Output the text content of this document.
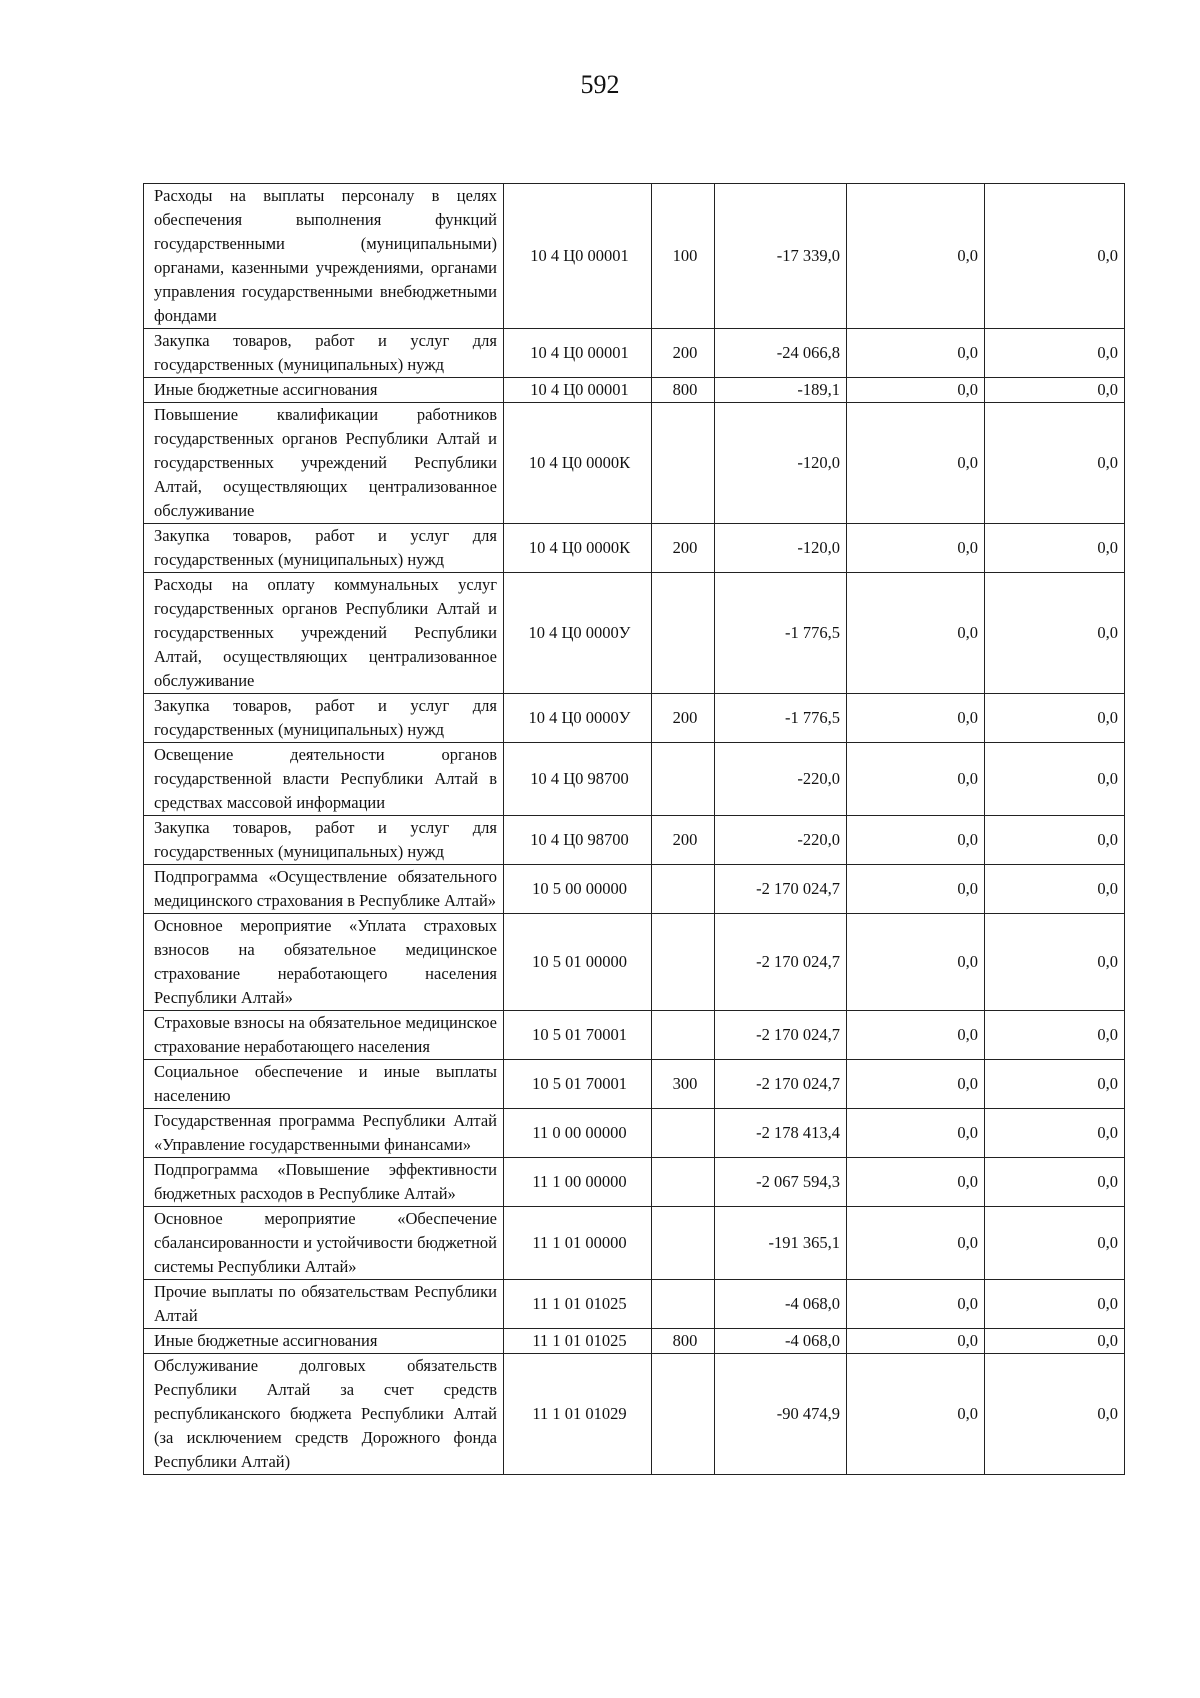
592
Расходы на выплаты персоналу в целях обеспечения выполнения функций государственными (муниципальными) органами, казенными учреждениями, органами управления государственными внебюджетными фондами	10 4 Ц0 00001	100	-17 339,0	0,0	0,0
Закупка товаров, работ и услуг для государственных (муниципальных) нужд	10 4 Ц0 00001	200	-24 066,8	0,0	0,0
Иные бюджетные ассигнования	10 4 Ц0 00001	800	-189,1	0,0	0,0
Повышение квалификации работников государственных органов Республики Алтай и государственных учреждений Республики Алтай, осуществляющих централизованное обслуживание	10 4 Ц0 0000К		-120,0	0,0	0,0
Закупка товаров, работ и услуг для государственных (муниципальных) нужд	10 4 Ц0 0000К	200	-120,0	0,0	0,0
Расходы на оплату коммунальных услуг государственных органов Республики Алтай и государственных учреждений Республики Алтай, осуществляющих централизованное обслуживание	10 4 Ц0 0000У		-1 776,5	0,0	0,0
Закупка товаров, работ и услуг для государственных (муниципальных) нужд	10 4 Ц0 0000У	200	-1 776,5	0,0	0,0
Освещение деятельности органов государственной власти Республики Алтай в средствах массовой информации	10 4 Ц0 98700		-220,0	0,0	0,0
Закупка товаров, работ и услуг для государственных (муниципальных) нужд	10 4 Ц0 98700	200	-220,0	0,0	0,0
Подпрограмма «Осуществление обязательного медицинского страхования в Республике Алтай»	10 5 00 00000		-2 170 024,7	0,0	0,0
Основное мероприятие «Уплата страховых взносов на обязательное медицинское страхование неработающего населения Республики Алтай»	10 5 01 00000		-2 170 024,7	0,0	0,0
Страховые взносы на обязательное медицинское страхование неработающего населения	10 5 01 70001		-2 170 024,7	0,0	0,0
Социальное обеспечение и иные выплаты населению	10 5 01 70001	300	-2 170 024,7	0,0	0,0
Государственная программа Республики Алтай «Управление государственными финансами»	11 0 00 00000		-2 178 413,4	0,0	0,0
Подпрограмма «Повышение эффективности бюджетных расходов в Республике Алтай»	11 1 00 00000		-2 067 594,3	0,0	0,0
Основное мероприятие «Обеспечение сбалансированности и устойчивости бюджетной системы Республики Алтай»	11 1 01 00000		-191 365,1	0,0	0,0
Прочие выплаты по обязательствам Республики Алтай	11 1 01 01025		-4 068,0	0,0	0,0
Иные бюджетные ассигнования	11 1 01 01025	800	-4 068,0	0,0	0,0
Обслуживание долговых обязательств Республики Алтай за счет средств республиканского бюджета Республики Алтай (за исключением средств Дорожного фонда Республики Алтай)	11 1 01 01029		-90 474,9	0,0	0,0
